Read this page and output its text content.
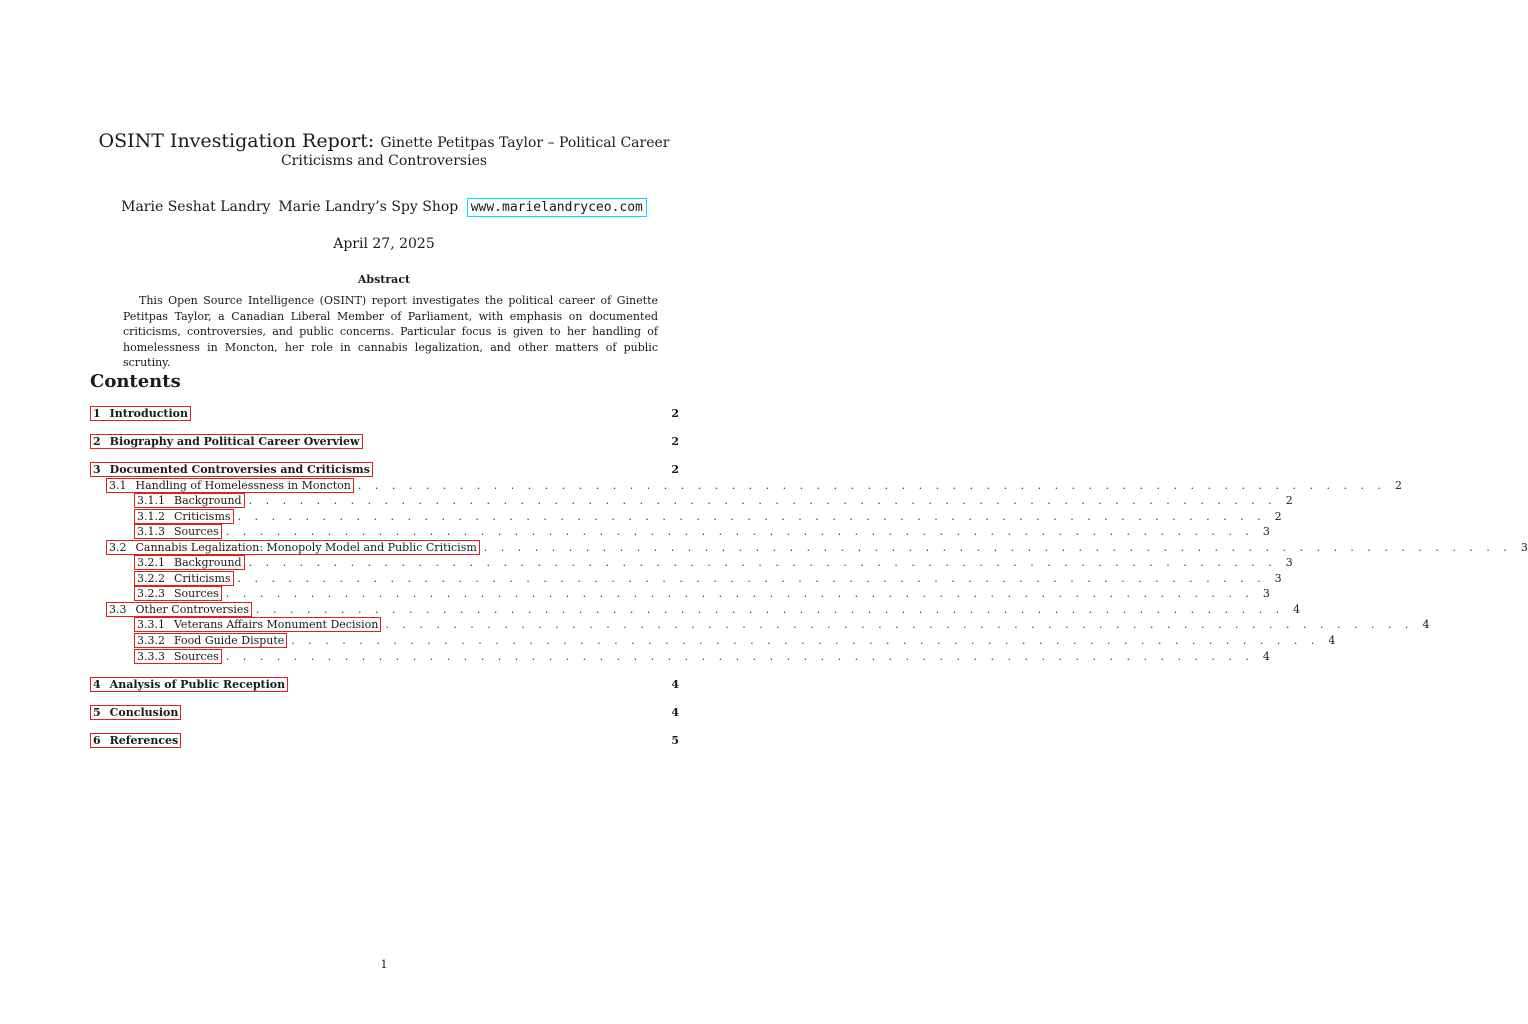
OSINT Investigation Report: Ginette Petitpas Taylor – Political Career
Criticisms and Controversies
Marie Seshat Landry Marie Landry’s Spy Shop www.marielandryceo.com
April 27, 2025
Abstract
This Open Source Intelligence (OSINT) report investigates the political career of Ginette Petitpas Taylor, a Canadian Liberal Member of Parliament, with emphasis on documented criticisms, controversies, and public concerns. Particular focus is given to her handling of homelessness in Moncton, her role in cannabis legalization, and other matters of public scrutiny.
Contents
1 Introduction	2
2 Biography and Political Career Overview	2
3 Documented Controversies and Criticisms	2
3.1 Handling of Homelessness in Moncton . . . . . . . . . . . . . . . . . . . . . . . . . . . . . . . . . . . . . . . . . . . . . . . . . . . . . . . . . . . . . 2
3.1.1 Background . . . . . . . . . . . . . . . . . . . . . . . . . . . . . . . . . . . . . . . . . . . . . . . . . . . . . . . . . . . . . 2
3.1.2 Criticisms . . . . . . . . . . . . . . . . . . . . . . . . . . . . . . . . . . . . . . . . . . . . . . . . . . . . . . . . . . . . . 2
3.1.3 Sources . . . . . . . . . . . . . . . . . . . . . . . . . . . . . . . . . . . . . . . . . . . . . . . . . . . . . . . . . . . . . 3
3.2 Cannabis Legalization: Monopoly Model and Public Criticism . . . . . . . . . . . . . . . . . . . . . . . . . . . . . . . . . . . . . . . . . . . . . . . . . . . . . . . . . . . . . 3
3.2.1 Background . . . . . . . . . . . . . . . . . . . . . . . . . . . . . . . . . . . . . . . . . . . . . . . . . . . . . . . . . . . . . 3
3.2.2 Criticisms . . . . . . . . . . . . . . . . . . . . . . . . . . . . . . . . . . . . . . . . . . . . . . . . . . . . . . . . . . . . . 3
3.2.3 Sources . . . . . . . . . . . . . . . . . . . . . . . . . . . . . . . . . . . . . . . . . . . . . . . . . . . . . . . . . . . . . 3
3.3 Other Controversies . . . . . . . . . . . . . . . . . . . . . . . . . . . . . . . . . . . . . . . . . . . . . . . . . . . . . . . . . . . . . 4
3.3.1 Veterans Affairs Monument Decision . . . . . . . . . . . . . . . . . . . . . . . . . . . . . . . . . . . . . . . . . . . . . . . . . . . . . . . . . . . . . 4
3.3.2 Food Guide Dispute . . . . . . . . . . . . . . . . . . . . . . . . . . . . . . . . . . . . . . . . . . . . . . . . . . . . . . . . . . . . . 4
3.3.3 Sources . . . . . . . . . . . . . . . . . . . . . . . . . . . . . . . . . . . . . . . . . . . . . . . . . . . . . . . . . . . . . 4
4 Analysis of Public Reception	4
5 Conclusion	4
6 References	5
1
